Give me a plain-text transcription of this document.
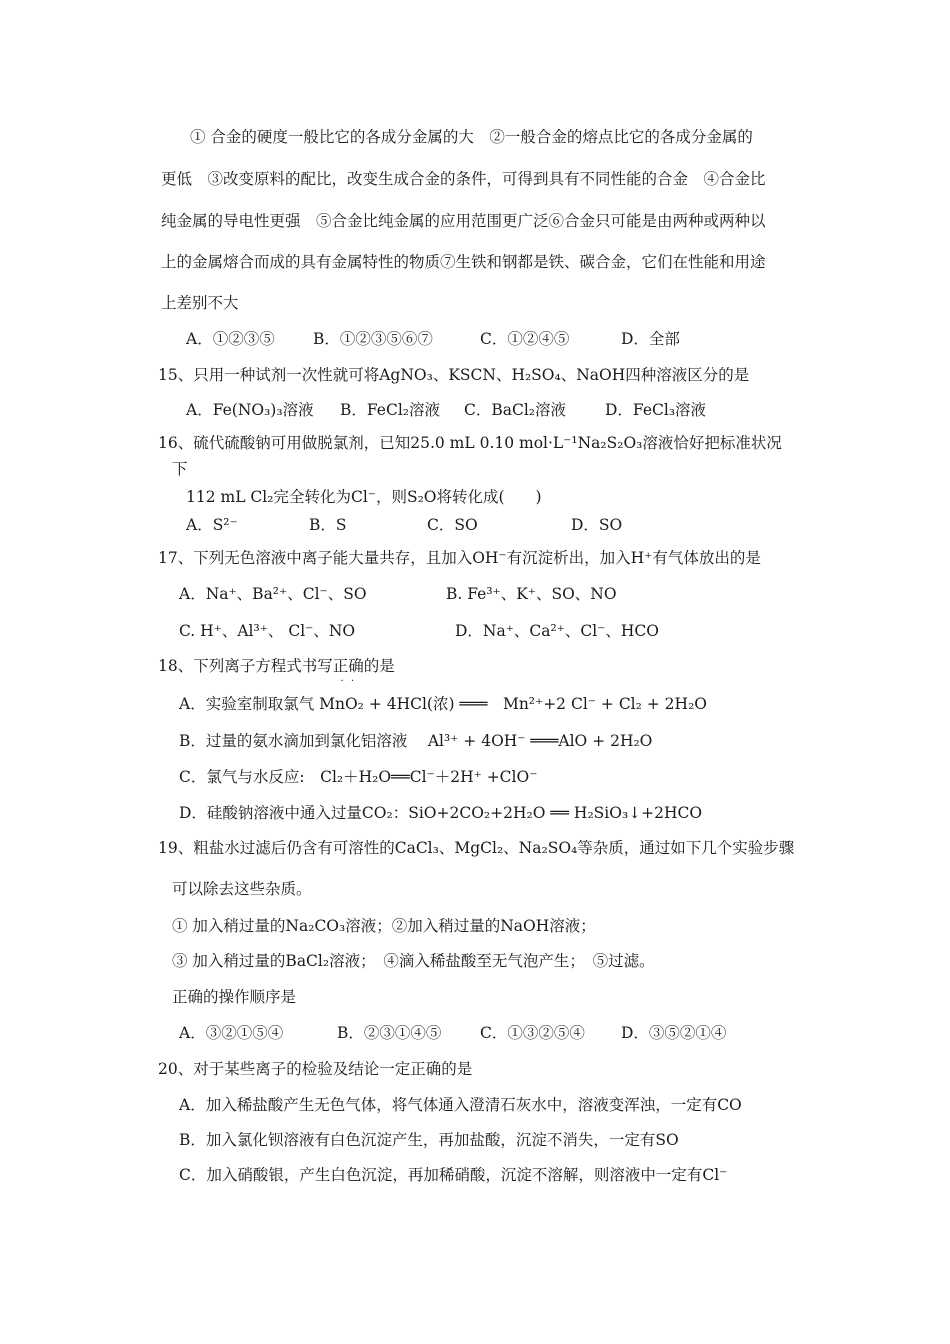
① 合金的硬度一般比它的各成分金属的大　②一般合金的熔点比它的各成分金属的
更低　③改变原料的配比，改变生成合金的条件，可得到具有不同性能的合金　④合金比
纯金属的导电性更强　⑤合金比纯金属的应用范围更广泛⑥合金只可能是由两种或两种以
上的金属熔合而成的具有金属特性的物质⑦生铁和钢都是铁、碳合金，它们在性能和用途
上差别不大
A．①②③⑤ B．①②③⑤⑥⑦	C．①②④⑤	D．全部
15、只用一种试剂一次性就可将AgNO₃、KSCN、H₂SO₄、NaOH四种溶液区分的是
A．Fe(NO₃)₃溶液 B．FeCl₂溶液 C．BaCl₂溶液	D．FeCl₃溶液
16、硫代硫酸钠可用做脱氯剂，已知25.0 mL 0.10 mol·L⁻¹Na₂S₂O₃溶液恰好把标准状况
下
112 mL Cl₂完全转化为Cl⁻，则S₂O将转化成(　　)
A．S²⁻	B．S	C．SO	D．SO
17、下列无色溶液中离子能大量共存，且加入OH⁻有沉淀析出，加入H⁺有气体放出的是
A．Na⁺、Ba²⁺、Cl⁻、SO	B. Fe³⁺、K⁺、SO、NO
C. H⁺、Al³⁺、 Cl⁻、NO	D．Na⁺、Ca²⁺、Cl⁻、HCO
18、下列离子方程式书写正确 · ·的是
A．实验室制取氯气 MnO₂ + 4HCl(浓) ═══　Mn²⁺+2 Cl⁻ + Cl₂ + 2H₂O
B．过量的氨水滴加到氯化铝溶液　 Al³⁺ + 4OH⁻ ═══AlO + 2H₂O
C．氯气与水反应:　Cl₂＋H₂O══Cl⁻＋2H⁺ +ClO⁻
D．硅酸钠溶液中通入过量CO₂：SiO+2CO₂+2H₂O ══ H₂SiO₃↓+2HCO
19、粗盐水过滤后仍含有可溶性的CaCl₃、MgCl₂、Na₂SO₄等杂质，通过如下几个实验步骤
可以除去这些杂质。
① 加入稍过量的Na₂CO₃溶液；②加入稍过量的NaOH溶液；
③ 加入稍过量的BaCl₂溶液；　④滴入稀盐酸至无气泡产生；　⑤过滤。
正确的操作顺序是
A．③②①⑤④	B．②③①④⑤ C．①③②⑤④ D．③⑤②①④
20、对于某些离子的检验及结论一定正确的是
A．加入稀盐酸产生无色气体，将气体通入澄清石灰水中，溶液变浑浊，一定有CO
B．加入氯化钡溶液有白色沉淀产生，再加盐酸，沉淀不消失，一定有SO
C．加入硝酸银，产生白色沉淀，再加稀硝酸，沉淀不溶解，则溶液中一定有Cl⁻
